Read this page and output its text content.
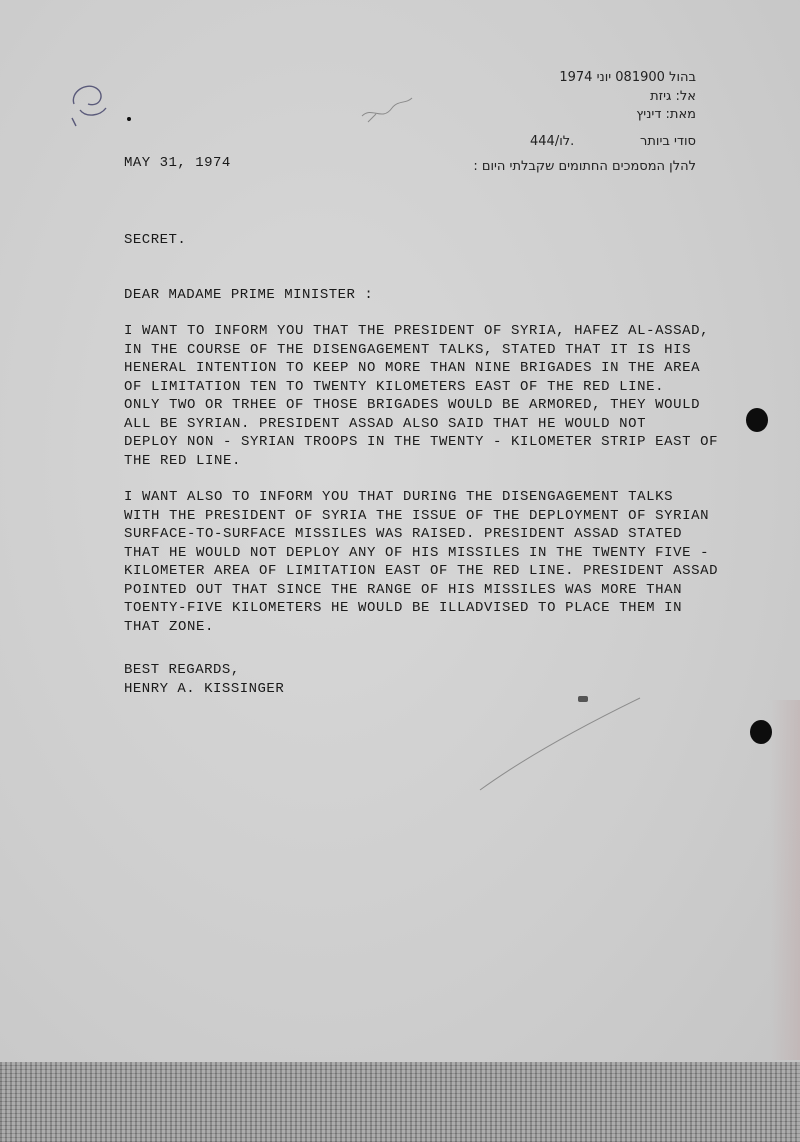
בהול 081900 יוני 1974
אל: גיזת
מאת: דיניץ
סודי ביותר
לו/444.
להלן המסמכים החתומים שקבלתי היום :
MAY 31, 1974
SECRET.
DEAR MADAME PRIME MINISTER :
I WANT TO INFORM YOU THAT THE PRESIDENT OF SYRIA, HAFEZ AL-ASSAD,
IN THE COURSE OF THE DISENGAGEMENT TALKS, STATED THAT IT IS HIS
HENERAL INTENTION TO KEEP NO MORE THAN NINE BRIGADES IN THE AREA
OF LIMITATION TEN TO TWENTY KILOMETERS EAST OF THE RED LINE.
ONLY TWO OR TRHEE OF THOSE BRIGADES WOULD BE ARMORED, THEY WOULD
ALL BE SYRIAN. PRESIDENT ASSAD ALSO SAID THAT HE WOULD NOT
DEPLOY NON - SYRIAN TROOPS IN THE TWENTY - KILOMETER STRIP EAST OF
THE RED LINE.
I WANT ALSO TO INFORM YOU THAT DURING THE DISENGAGEMENT TALKS
WITH THE PRESIDENT OF SYRIA THE ISSUE OF THE DEPLOYMENT OF SYRIAN
SURFACE-TO-SURFACE MISSILES WAS RAISED. PRESIDENT ASSAD STATED
THAT HE WOULD NOT DEPLOY ANY OF HIS MISSILES IN THE TWENTY FIVE -
KILOMETER AREA OF LIMITATION EAST OF THE RED LINE. PRESIDENT ASSAD
POINTED OUT THAT SINCE THE RANGE OF HIS MISSILES WAS MORE THAN
TOENTY-FIVE KILOMETERS HE WOULD BE ILLADVISED TO PLACE THEM IN
THAT ZONE.
BEST REGARDS,
HENRY A. KISSINGER
